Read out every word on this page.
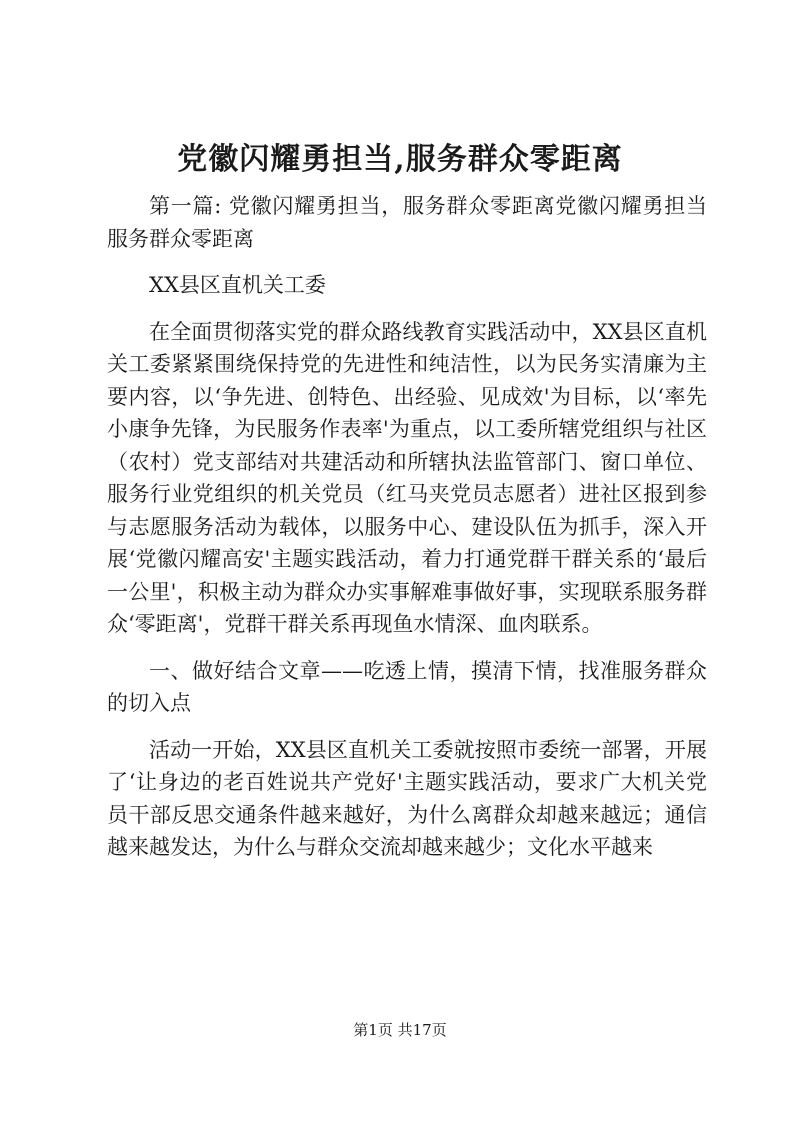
党徽闪耀勇担当,服务群众零距离

第一篇: 党徽闪耀勇担当，服务群众零距离党徽闪耀勇担当服务群众零距离

XX县区直机关工委

在全面贯彻落实党的群众路线教育实践活动中，XX县区直机关工委紧紧围绕保持党的先进性和纯洁性，以为民务实清廉为主要内容，以‘争先进、创特色、出经验、见成效'为目标，以‘率先小康争先锋，为民服务作表率'为重点，以工委所辖党组织与社区（农村）党支部结对共建活动和所辖执法监管部门、窗口单位、服务行业党组织的机关党员（红马夹党员志愿者）进社区报到参与志愿服务活动为载体，以服务中心、建设队伍为抓手，深入开展‘党徽闪耀高安'主题实践活动，着力打通党群干群关系的‘最后一公里'，积极主动为群众办实事解难事做好事，实现联系服务群众‘零距离'，党群干群关系再现鱼水情深、血肉联系。

一、做好结合文章——吃透上情，摸清下情，找准服务群众的切入点

活动一开始，XX县区直机关工委就按照市委统一部署，开展了‘让身边的老百姓说共产党好'主题实践活动，要求广大机关党员干部反思交通条件越来越好，为什么离群众却越来越远；通信越来越发达，为什么与群众交流却越来越少；文化水平越来

第1页 共17页
